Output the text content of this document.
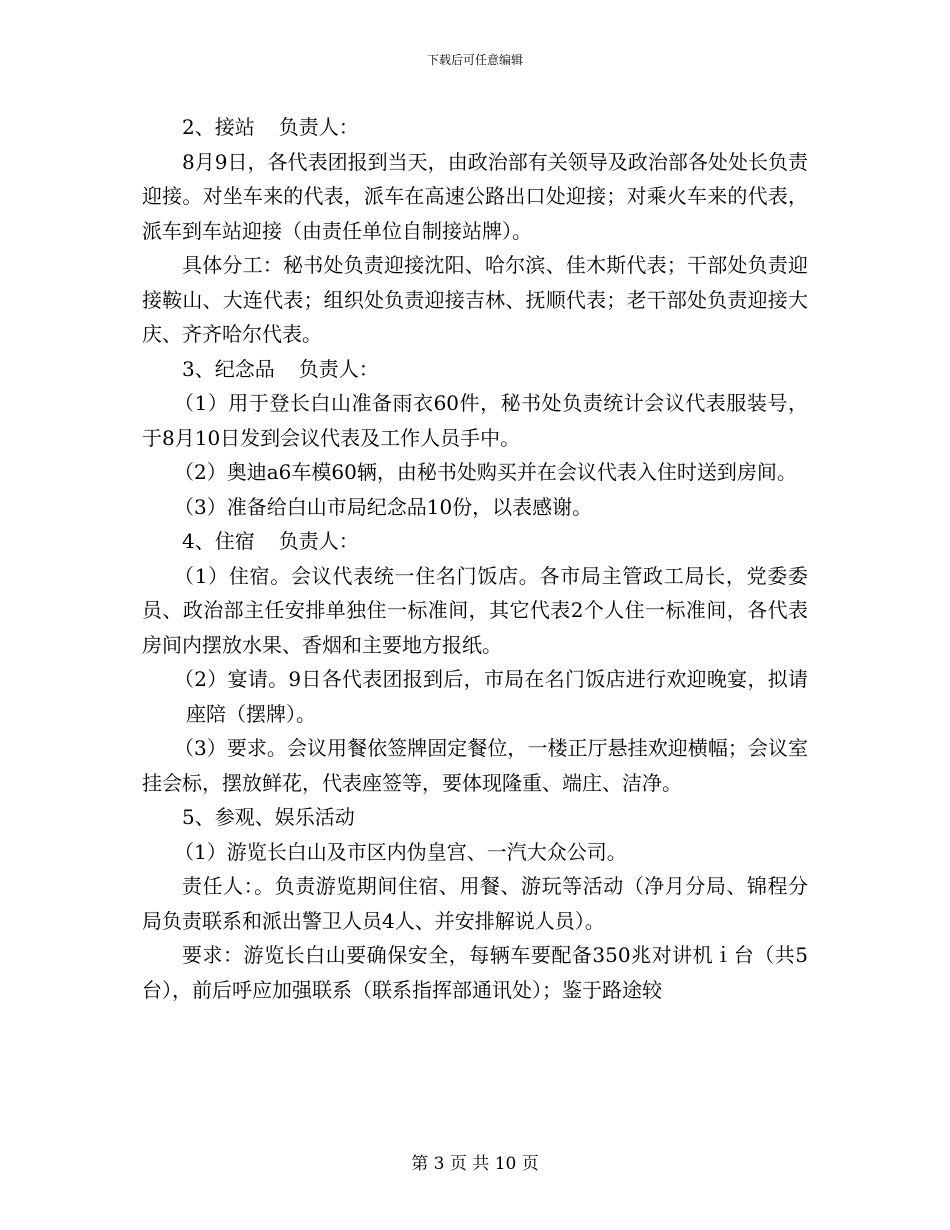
下载后可任意编辑

2、接站 负责人：

8月9日，各代表团报到当天，由政治部有关领导及政治部各处处长负责迎接。对坐车来的代表，派车在高速公路出口处迎接；对乘火车来的代表，派车到车站迎接（由责任单位自制接站牌）。

具体分工：秘书处负责迎接沈阳、哈尔滨、佳木斯代表；干部处负责迎接鞍山、大连代表；组织处负责迎接吉林、抚顺代表；老干部处负责迎接大庆、齐齐哈尔代表。

3、纪念品 负责人：

（1）用于登长白山准备雨衣60件，秘书处负责统计会议代表服装号，于8月10日发到会议代表及工作人员手中。

（2）奥迪a6车模60辆，由秘书处购买并在会议代表入住时送到房间。

（3）准备给白山市局纪念品10份，以表感谢。

4、住宿 负责人：

（1）住宿。会议代表统一住名门饭店。各市局主管政工局长，党委委员、政治部主任安排单独住一标准间，其它代表2个人住一标准间，各代表房间内摆放水果、香烟和主要地方报纸。

（2）宴请。9日各代表团报到后，市局在名门饭店进行欢迎晚宴，拟请座陪（摆牌）。

（3）要求。会议用餐依签牌固定餐位，一楼正厅悬挂欢迎横幅；会议室挂会标，摆放鲜花，代表座签等，要体现隆重、端庄、洁净。

5、参观、娱乐活动

（1）游览长白山及市区内伪皇宫、一汽大众公司。

责任人：。负责游览期间住宿、用餐、游玩等活动（净月分局、锦程分局负责联系和派出警卫人员4人、并安排解说人员）。

要求：游览长白山要确保安全，每辆车要配备350兆对讲机ｉ台（共5台），前后呼应加强联系（联系指挥部通讯处）；鉴于路途较

第 3 页 共 10 页
